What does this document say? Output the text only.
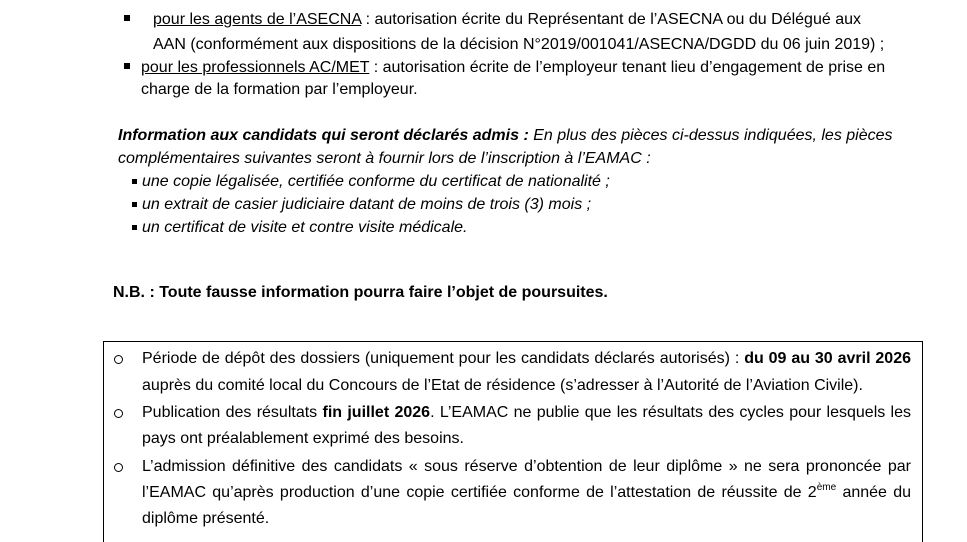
pour les agents de l’ASECNA : autorisation écrite du Représentant de l’ASECNA ou du Délégué aux
AAN (conformément aux dispositions de la décision N°2019/001041/ASECNA/DGDD du 06 juin 2019) ;
pour les professionnels AC/MET : autorisation écrite de l’employeur tenant lieu d’engagement de prise en
charge de la formation par l’employeur.
Information aux candidats qui seront déclarés admis : En plus des pièces ci-dessus indiquées, les pièces
complémentaires suivantes seront à fournir lors de l’inscription à l’EAMAC :
une copie légalisée, certifiée conforme du certificat de nationalité ;
un extrait de casier judiciaire datant de moins de trois (3) mois ;
un certificat de visite et contre visite médicale.
N.B. : Toute fausse information pourra faire l’objet de poursuites.
Période de dépôt des dossiers (uniquement pour les candidats déclarés autorisés) : du 09 au 30 avril 2026
auprès du comité local du Concours de l’Etat de résidence (s’adresser à l’Autorité de l’Aviation Civile).
Publication des résultats fin juillet 2026. L’EAMAC ne publie que les résultats des cycles pour lesquels les
pays ont préalablement exprimé des besoins.
L’admission définitive des candidats « sous réserve d’obtention de leur diplôme » ne sera prononcée par
l’EAMAC qu’après production d’une copie certifiée conforme de l’attestation de réussite de 2ème année du
diplôme présenté.
